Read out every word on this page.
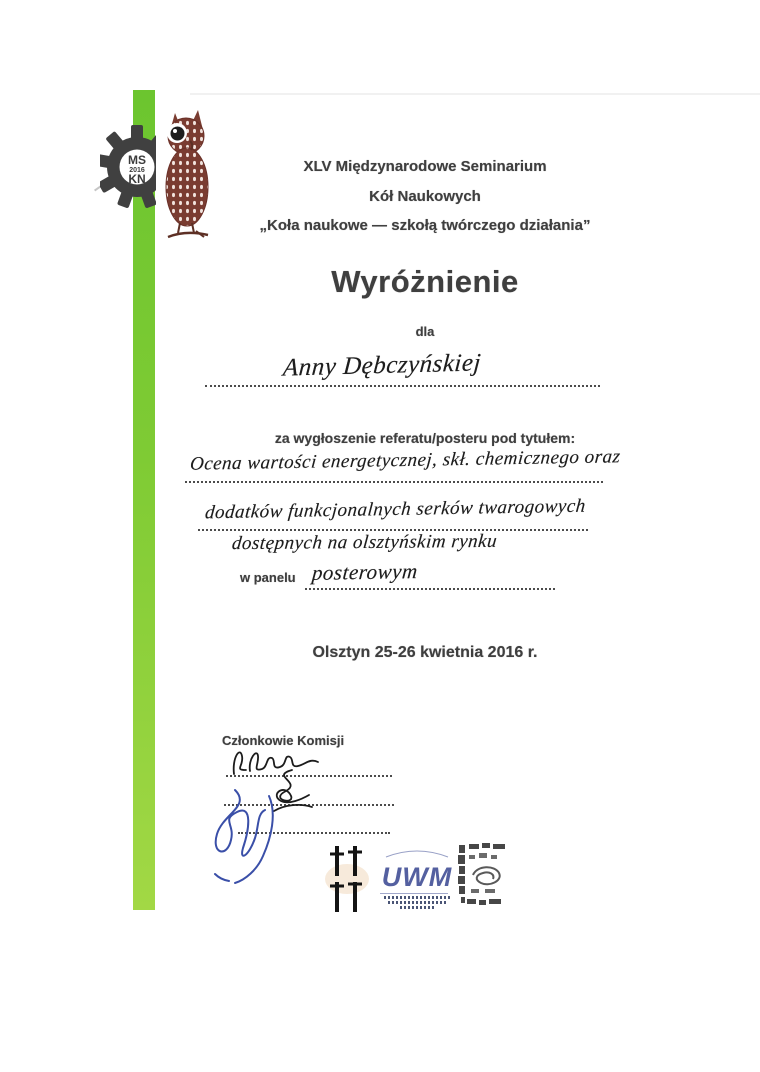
MS
2016
KN
XLV Międzynarodowe Seminarium
Kół Naukowych
„Koła naukowe — szkołą twórczego działania”
Wyróżnienie
dla
Anny Dębczyńskiej
za wygłoszenie referatu/posteru pod tytułem:
Ocena wartości energetycznej, skł. chemicznego oraz
dodatków funkcjonalnych serków twarogowych
dostępnych na olsztyńskim rynku
w panelu posterowym
Olsztyn 25-26 kwietnia 2016 r.
Członkowie Komisji
UWM
